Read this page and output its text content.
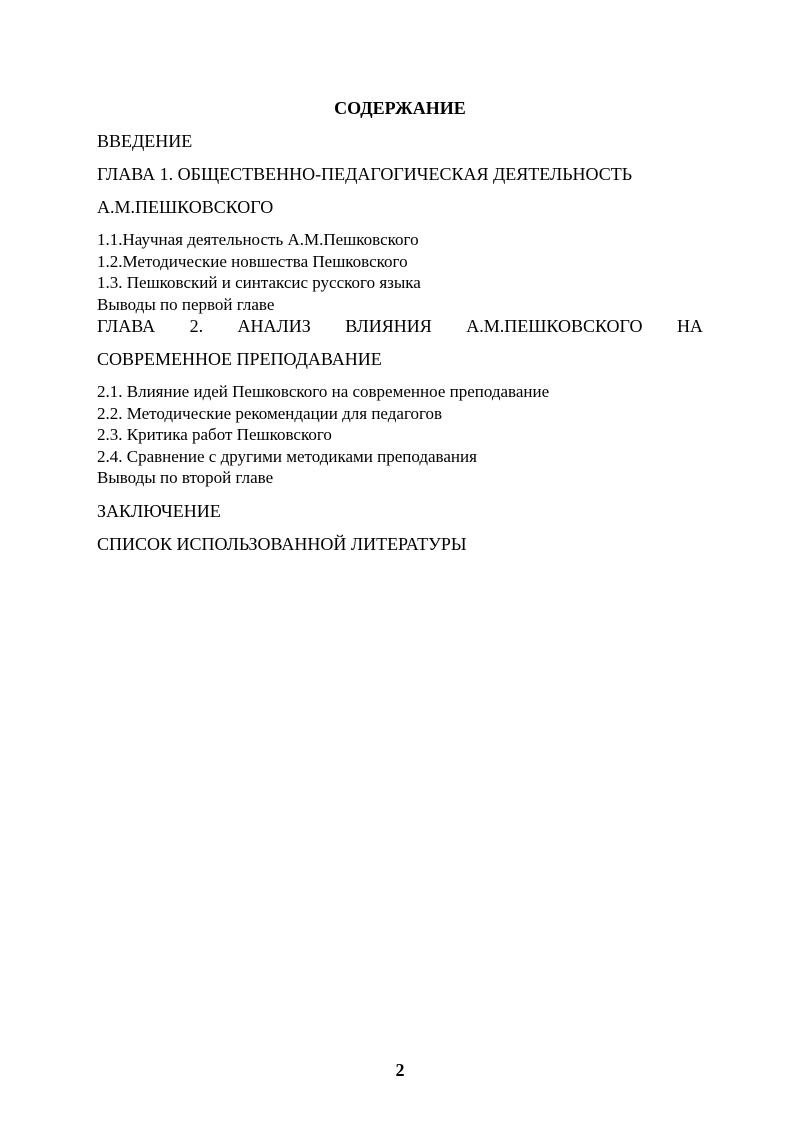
СОДЕРЖАНИЕ

ВВЕДЕНИЕ

ГЛАВА 1. ОБЩЕСТВЕННО-ПЕДАГОГИЧЕСКАЯ ДЕЯТЕЛЬНОСТЬ

А.М.ПЕШКОВСКОГО

1.1.Научная деятельность А.М.Пешковского

1.2.Методические новшества Пешковского

1.3. Пешковский и синтаксис русского языка

Выводы по первой главе

ГЛАВА 2. АНАЛИЗ ВЛИЯНИЯ А.М.ПЕШКОВСКОГО НА

СОВРЕМЕННОЕ ПРЕПОДАВАНИЕ

2.1. Влияние идей Пешковского на современное преподавание

2.2. Методические рекомендации для педагогов

2.3. Критика работ Пешковского

2.4. Сравнение с другими методиками преподавания

Выводы по второй главе

ЗАКЛЮЧЕНИЕ

СПИСОК ИСПОЛЬЗОВАННОЙ ЛИТЕРАТУРЫ

2
